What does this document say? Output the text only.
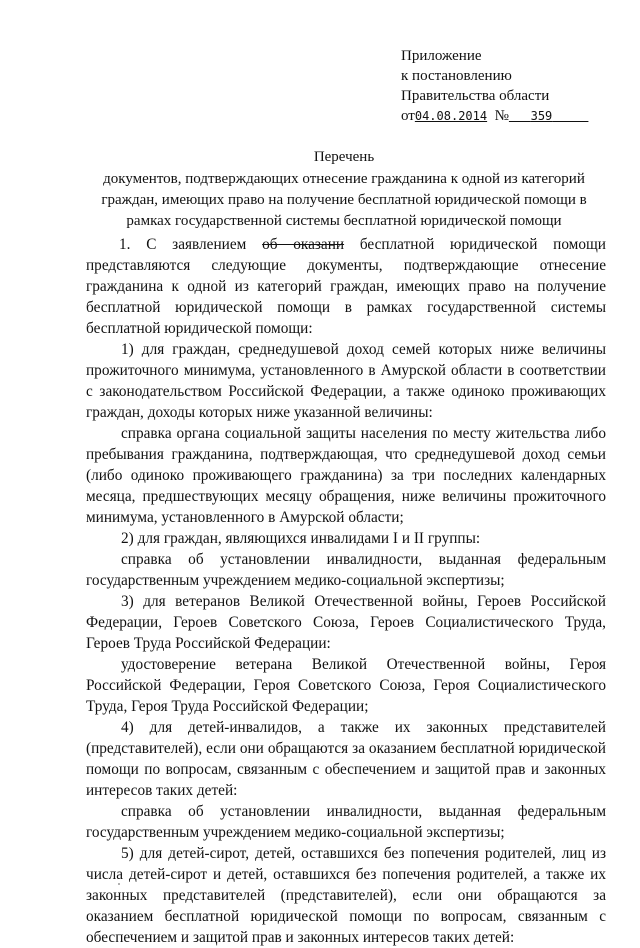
Приложение
к постановлению
Правительства области
от04.08.2014 № 359
Перечень
документов, подтверждающих отнесение гражданина к одной из категорий
граждан, имеющих право на получение бесплатной юридической помощи в
рамках государственной системы бесплатной юридической помощи

1. С заявлением об оказани бесплатной юридической помощи представляются следующие документы, подтверждающие отнесение гражданина к одной из категорий граждан, имеющих право на получение бесплатной юридической помощи в рамках государственной системы бесплатной юридической помощи:

1) для граждан, среднедушевой доход семей которых ниже величины прожиточного минимума, установленного в Амурской области в соответствии с законодательством Российской Федерации, а также одиноко проживающих граждан, доходы которых ниже указанной величины:

справка органа социальной защиты населения по месту жительства либо пребывания гражданина, подтверждающая, что среднедушевой доход семьи (либо одиноко проживающего гражданина) за три последних календарных месяца, предшествующих месяцу обращения, ниже величины прожиточного минимума, установленного в Амурской области;

2) для граждан, являющихся инвалидами I и II группы:

справка об установлении инвалидности, выданная федеральным государственным учреждением медико-социальной экспертизы;

3) для ветеранов Великой Отечественной войны, Героев Российской Федерации, Героев Советского Союза, Героев Социалистического Труда, Героев Труда Российской Федерации:

удостоверение ветерана Великой Отечественной войны, Героя Российской Федерации, Героя Советского Союза, Героя Социалистического Труда, Героя Труда Российской Федерации;

4) для детей-инвалидов, а также их законных представителей (представителей), если они обращаются за оказанием бесплатной юридической помощи по вопросам, связанным с обеспечением и защитой прав и законных интересов таких детей:

справка об установлении инвалидности, выданная федеральным государственным учреждением медико-социальной экспертизы;

5) для детей-сирот, детей, оставшихся без попечения родителей, лиц из числа детей-сирот и детей, оставшихся без попечения родителей, а также их законных представителей (представителей), если они обращаются за оказанием бесплатной юридической помощи по вопросам, связанным с обеспечением и защитой прав и законных интересов таких детей:
